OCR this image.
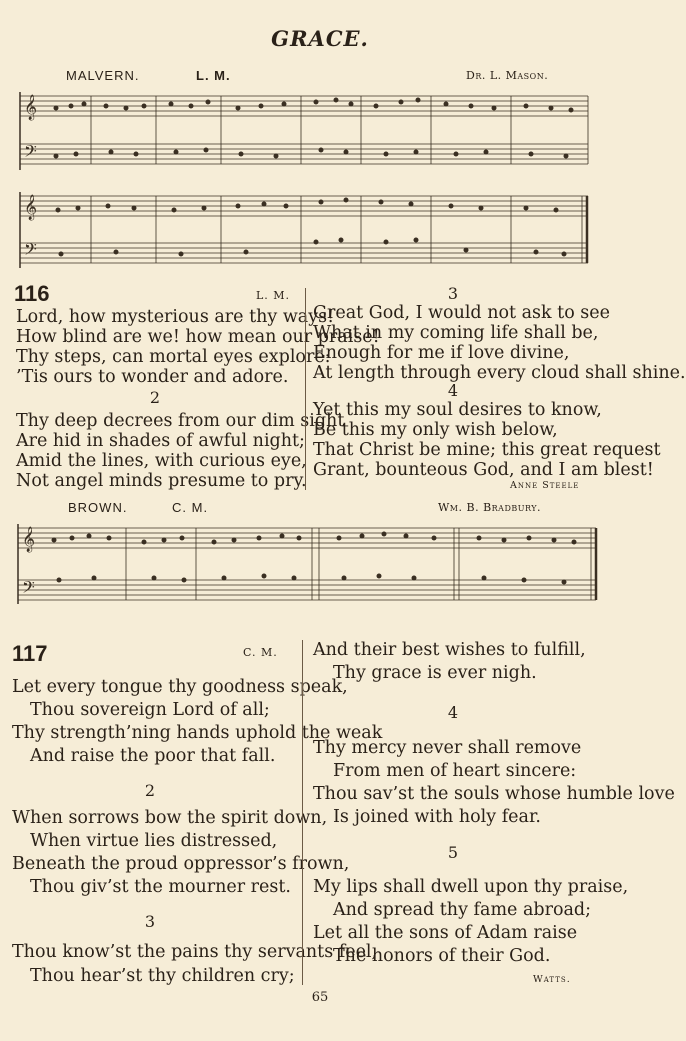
GRACE.
MALVERN.	L. M.	Dr. L. Mason.
𝄞
𝄢
𝄞
𝄢
116	L. M.
Lord, how mysterious are thy ways!
How blind are we! how mean our praise!
Thy steps, can mortal eyes explore:
’Tis ours to wonder and adore.
2
Thy deep decrees from our dim sight
Are hid in shades of awful night;
Amid the lines, with curious eye,
Not angel minds presume to pry.
3
Great God, I would not ask to see
What in my coming life shall be,
Enough for me if love divine,
At length through every cloud shall shine.
4
Yet this my soul desires to know,
Be this my only wish below,
That Christ be mine; this great request
Grant, bounteous God, and I am blest!
Anne Steele
BROWN.	C. M.	Wm. B. Bradbury.
𝄞
𝄢
117	C. M.
Let every tongue thy goodness speak,
Thou sovereign Lord of all;
Thy strength’ning hands uphold the weak
And raise the poor that fall.
2
When sorrows bow the spirit down,
When virtue lies distressed,
Beneath the proud oppressor’s frown,
Thou giv’st the mourner rest.
3
Thou know’st the pains thy servants feel,
Thou hear’st thy children cry;
And their best wishes to fulfill,
Thy grace is ever nigh.
4
Thy mercy never shall remove
From men of heart sincere:
Thou sav’st the souls whose humble love
Is joined with holy fear.
5
My lips shall dwell upon thy praise,
And spread thy fame abroad;
Let all the sons of Adam raise
The honors of their God.
Watts.
65
